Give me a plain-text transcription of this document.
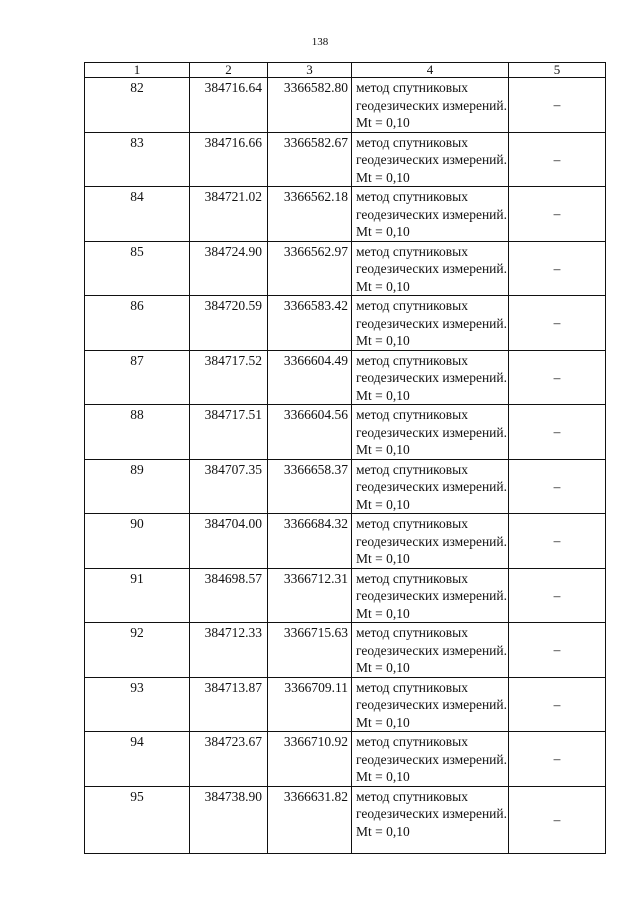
138
1	2	3	4	5
82	384716.64	3366582.80	метод спутниковых геодезических измерений. Mt = 0,10	–
83	384716.66	3366582.67	метод спутниковых геодезических измерений. Mt = 0,10	–
84	384721.02	3366562.18	метод спутниковых геодезических измерений. Mt = 0,10	–
85	384724.90	3366562.97	метод спутниковых геодезических измерений. Mt = 0,10	–
86	384720.59	3366583.42	метод спутниковых геодезических измерений. Mt = 0,10	–
87	384717.52	3366604.49	метод спутниковых геодезических измерений. Mt = 0,10	–
88	384717.51	3366604.56	метод спутниковых геодезических измерений. Mt = 0,10	–
89	384707.35	3366658.37	метод спутниковых геодезических измерений. Mt = 0,10	–
90	384704.00	3366684.32	метод спутниковых геодезических измерений. Mt = 0,10	–
91	384698.57	3366712.31	метод спутниковых геодезических измерений. Mt = 0,10	–
92	384712.33	3366715.63	метод спутниковых геодезических измерений. Mt = 0,10	–
93	384713.87	3366709.11	метод спутниковых геодезических измерений. Mt = 0,10	–
94	384723.67	3366710.92	метод спутниковых геодезических измерений. Mt = 0,10	–
95	384738.90	3366631.82	метод спутниковых геодезических измерений. Mt = 0,10	–
